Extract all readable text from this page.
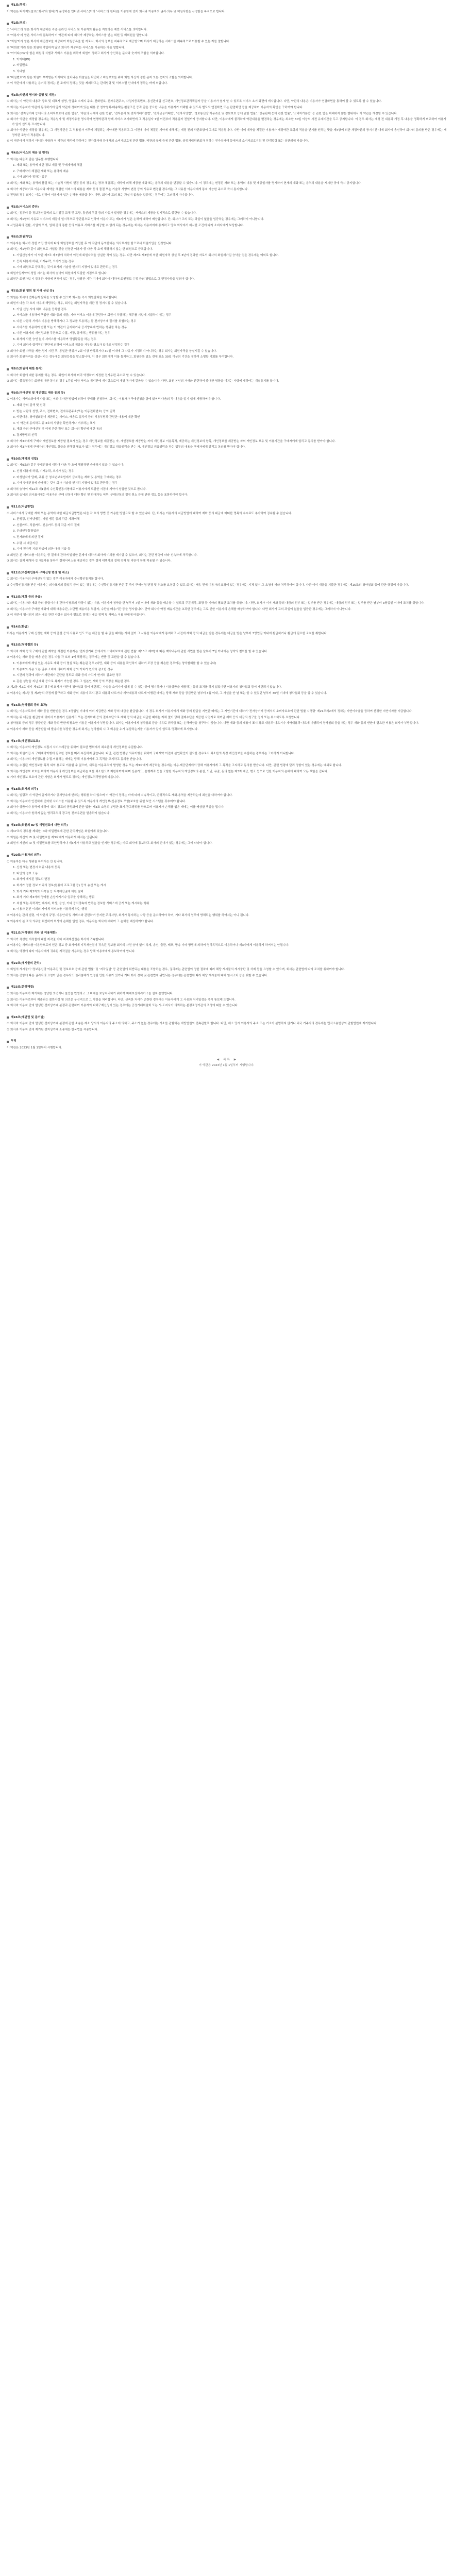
제1조(목적)
이 약관은 다이렉트솔로(‘회사’라 한다)가 운영하는 인터넷 서비스(이하 ‘서비스’라 한다)를 이용함에 있어 회사와 이용자의 권리·의무 및 책임사항을 규정함을 목적으로 합니다.
제2조(정의)
① ‘서비스’라 함은 회사가 제공하는 각종 온라인 서비스 및 이용자의 활동을 지원하는 제반 서비스를 의미합니다.
② ‘이용자’라 함은 서비스에 접속하여 이 약관에 따라 회사가 제공하는 서비스를 받는 회원 및 비회원을 말합니다.
③ ‘회원’이라 함은 회사에 개인정보를 제공하여 회원등록을 한 자로서, 회사의 정보를 지속적으로 제공받으며 회사가 제공하는 서비스를 계속적으로 이용할 수 있는 자를 말합니다.
④ ‘비회원’이라 함은 회원에 가입하지 않고 회사가 제공하는 서비스를 이용하는 자를 말합니다.
⑤ ‘아이디(ID)’라 함은 회원의 식별과 서비스 이용을 위하여 회원이 정하고 회사가 승인하는 문자와 숫자의 조합을 의미합니다.
1. 아이디(ID)
2. 비밀번호
3. 닉네임
⑥ ‘비밀번호’라 함은 회원이 부여받은 아이디와 일치되는 회원임을 확인하고 비밀보호를 위해 회원 자신이 정한 문자 또는 숫자의 조합을 의미합니다.
⑦ 이 약관에서 사용하는 용어의 정의는 본 조에서 정하는 것을 제외하고는 관계법령 및 서비스별 안내에서 정하는 바에 의합니다.
제3조(약관의 명시와 설명 및 개정)
① 회사는 이 약관의 내용과 상호 및 대표자 성명, 영업소 소재지 주소, 전화번호, 전자우편주소, 사업자등록번호, 통신판매업 신고번호, 개인정보관리책임자 등을 이용자가 쉽게 알 수 있도록 서비스 초기 화면에 게시합니다. 다만, 약관의 내용은 이용자가 연결화면을 통하여 볼 수 있도록 할 수 있습니다.
② 회사는 이용자가 약관에 동의하기에 앞서 약관에 정하여져 있는 내용 중 청약철회·배송책임·환불조건 등과 같은 중요한 내용을 이용자가 이해할 수 있도록 별도의 연결화면 또는 팝업화면 등을 제공하여 이용자의 확인을 구하여야 합니다.
③ 회사는 ‘전자상거래 등에서의 소비자보호에 관한 법률’, ‘약관의 규제에 관한 법률’, ‘전자문서 및 전자거래기본법’, ‘전자금융거래법’, ‘전자서명법’, ‘정보통신망 이용촉진 및 정보보호 등에 관한 법률’, ‘방문판매 등에 관한 법률’, ‘소비자기본법’ 등 관련 법을 위배하지 않는 범위에서 이 약관을 개정할 수 있습니다.
④ 회사가 약관을 개정할 경우에는 적용일자 및 개정사유를 명시하여 현행약관과 함께 서비스 초기화면에 그 적용일자 7일 이전부터 적용일자 전일까지 공지합니다. 다만, 이용자에게 불리하게 약관내용을 변경하는 경우에는 최소한 30일 이상의 사전 유예기간을 두고 공지합니다. 이 경우 회사는 개정 전 내용과 개정 후 내용을 명확하게 비교하여 이용자가 알기 쉽도록 표시합니다.
⑤ 회사가 약관을 개정할 경우에는 그 개정약관은 그 적용일자 이후에 체결되는 계약에만 적용되고 그 이전에 이미 체결된 계약에 대해서는 개정 전의 약관조항이 그대로 적용됩니다. 다만 이미 계약을 체결한 이용자가 개정약관 조항의 적용을 받기를 원하는 뜻을 제4항에 의한 개정약관의 공지기간 내에 회사에 송신하여 회사의 동의를 받은 경우에는 개정약관 조항이 적용됩니다.
⑥ 이 약관에서 정하지 아니한 사항과 이 약관의 해석에 관하여는 전자상거래 등에서의 소비자보호에 관한 법률, 약관의 규제 등에 관한 법률, 공정거래위원회가 정하는 전자상거래 등에서의 소비자보호지침 및 관계법령 또는 상관례에 따릅니다.
제4조(서비스의 제공 및 변경)
① 회사는 다음과 같은 업무를 수행합니다.
1. 재화 또는 용역에 대한 정보 제공 및 구매계약의 체결
2. 구매계약이 체결된 재화 또는 용역의 배송
3. 기타 회사가 정하는 업무
② 회사는 재화 또는 용역의 품절 또는 기술적 사양의 변경 등의 경우에는 장차 체결되는 계약에 의해 제공할 재화 또는 용역의 내용을 변경할 수 있습니다. 이 경우에는 변경된 재화 또는 용역의 내용 및 제공일자를 명시하여 현재의 재화 또는 용역의 내용을 게시한 곳에 즉시 공지합니다.
③ 회사가 제공하기로 이용자와 계약을 체결한 서비스의 내용을 재화 등의 품절 또는 기술적 사양의 변경 등의 사유로 변경할 경우에는 그 사유를 이용자에게 통지 가능한 주소로 즉시 통지합니다.
④ 전항의 경우 회사는 이로 인하여 이용자가 입은 손해를 배상합니다. 다만, 회사가 고의 또는 과실이 없음을 입증하는 경우에는 그러하지 아니합니다.
제5조(서비스의 중단)
① 회사는 컴퓨터 등 정보통신설비의 보수점검·교체 및 고장, 통신의 두절 등의 사유가 발생한 경우에는 서비스의 제공을 일시적으로 중단할 수 있습니다.
② 회사는 제1항의 사유로 서비스의 제공이 일시적으로 중단됨으로 인하여 이용자 또는 제3자가 입은 손해에 대하여 배상합니다. 단, 회사가 고의 또는 과실이 없음을 입증하는 경우에는 그러하지 아니합니다.
③ 사업종목의 전환, 사업의 포기, 업체 간의 통합 등의 이유로 서비스를 제공할 수 없게 되는 경우에는 회사는 이용자에게 통지하고 당초 회사에서 제시한 조건에 따라 소비자에게 보상합니다.
제6조(회원가입)
① 이용자는 회사가 정한 가입 양식에 따라 회원정보를 기입한 후 이 약관에 동의한다는 의사표시를 함으로서 회원가입을 신청합니다.
② 회사는 제1항과 같이 회원으로 가입할 것을 신청한 이용자 중 다음 각 호에 해당하지 않는 한 회원으로 등록합니다.
1. 가입신청자가 이 약관 제7조 제3항에 의하여 이전에 회원자격을 상실한 적이 있는 경우. 다만 제7조 제3항에 의한 회원자격 상실 후 3년이 경과한 자로서 회사의 회원재가입 승낙을 얻은 경우에는 예외로 합니다.
2. 등록 내용에 허위, 기재누락, 오기가 있는 경우
3. 기타 회원으로 등록하는 것이 회사의 기술상 현저히 지장이 있다고 판단되는 경우
③ 회원가입계약의 성립 시기는 회사의 승낙이 회원에게 도달한 시점으로 합니다.
④ 회원은 회원가입 시 등록한 사항에 변경이 있는 경우, 상당한 기간 이내에 회사에 대하여 회원정보 수정 등의 방법으로 그 변경사항을 알려야 합니다.
제7조(회원 탈퇴 및 자격 상실 등)
① 회원은 회사에 언제든지 탈퇴를 요청할 수 있으며 회사는 즉시 회원탈퇴를 처리합니다.
② 회원이 다음 각 호의 사유에 해당하는 경우, 회사는 회원자격을 제한 및 정지시킬 수 있습니다.
1. 가입 신청 시에 허위 내용을 등록한 경우
2. 서비스를 이용하여 구입한 재화 등의 대금, 기타 서비스 이용에 관련하여 회원이 부담하는 채무를 기일에 지급하지 않는 경우
3. 다른 사람의 서비스 이용을 방해하거나 그 정보를 도용하는 등 전자상거래 질서를 위협하는 경우
4. 서비스를 이용하여 법령 또는 이 약관이 금지하거나 공서양속에 반하는 행위를 하는 경우
5. 다른 이용자의 개인정보를 무단으로 수집, 저장, 공개하는 행위를 하는 경우
6. 회사의 사전 승인 없이 서비스를 이용하여 영업활동을 하는 경우
7. 기타 회사가 합리적인 판단에 의하여 서비스의 제공을 거부할 필요가 있다고 인정하는 경우
③ 회사가 회원 자격을 제한·정지 시킨 후, 동일한 행위가 2회 이상 반복되거나 30일 이내에 그 사유가 시정되지 아니하는 경우 회사는 회원자격을 상실시킬 수 있습니다.
④ 회사가 회원자격을 상실시키는 경우에는 회원등록을 말소합니다. 이 경우 회원에게 이를 통지하고, 회원등록 말소 전에 최소 30일 이상의 기간을 정하여 소명할 기회를 부여합니다.
제8조(회원에 대한 통지)
① 회사가 회원에 대한 통지를 하는 경우, 회원이 회사와 미리 약정하여 지정한 전자우편 주소로 할 수 있습니다.
② 회사는 불특정다수 회원에 대한 통지의 경우 1주일 이상 서비스 게시판에 게시함으로서 개별 통지에 갈음할 수 있습니다. 다만, 회원 본인의 거래와 관련하여 중대한 영향을 미치는 사항에 대하여는 개별통지를 합니다.
제9조(구매신청 및 개인정보 제공 동의 등)
① 이용자는 서비스상에서 다음 또는 이와 유사한 방법에 의하여 구매를 신청하며, 회사는 이용자가 구매신청을 함에 있어서 다음의 각 내용을 알기 쉽게 제공하여야 합니다.
1. 재화 등의 검색 및 선택
2. 받는 사람의 성명, 주소, 전화번호, 전자우편주소(또는 이동전화번호) 등의 입력
3. 약관내용, 청약철회권이 제한되는 서비스, 배송료·설치비 등의 비용부담과 관련한 내용에 대한 확인
4. 이 약관에 동의하고 위 3호의 사항을 확인하거나 거부하는 표시
5. 재화 등의 구매신청 및 이에 관한 확인 또는 회사의 확인에 대한 동의
6. 결제방법의 선택
② 회사가 제3자에게 구매자 개인정보를 제공할 필요가 있는 경우 개인정보를 제공받는 자, 개인정보를 제공받는 자의 개인정보 이용목적, 제공하는 개인정보의 항목, 개인정보를 제공받는 자의 개인정보 보유 및 이용기간을 구매자에게 알리고 동의를 받아야 합니다.
③ 회사가 제3자에게 구매자의 개인정보 취급을 위탁할 필요가 있는 경우에는 개인정보 취급위탁을 받는 자, 개인정보 취급위탁을 하는 업무의 내용을 구매자에게 알리고 동의를 받아야 합니다.
제10조(계약의 성립)
① 회사는 제9조와 같은 구매신청에 대하여 다음 각 호에 해당하면 승낙하지 않을 수 있습니다.
1. 신청 내용에 허위, 기재누락, 오기가 있는 경우
2. 미성년자가 담배, 주류 등 청소년보호법에서 금지하는 재화 및 용역을 구매하는 경우
3. 기타 구매신청에 승낙하는 것이 회사 기술상 현저히 지장이 있다고 판단하는 경우
② 회사의 승낙이 제12조 제1항의 수신확인통지형태로 이용자에게 도달한 시점에 계약이 성립한 것으로 봅니다.
③ 회사의 승낙의 의사표시에는 이용자의 구매 신청에 대한 확인 및 판매가능 여부, 구매신청의 정정 취소 등에 관한 정보 등을 포함하여야 합니다.
제11조(지급방법)
① 서비스에서 구매한 재화 또는 용역에 대한 대금지급방법은 다음 각 호의 방법 중 가용한 방법으로 할 수 있습니다. 단, 회사는 이용자의 지급방법에 대하여 재화 등의 대금에 어떠한 명목의 수수료도 추가하여 징수할 수 없습니다.
1. 폰뱅킹, 인터넷뱅킹, 메일 뱅킹 등의 각종 계좌이체
2. 선불카드, 직불카드, 신용카드 등의 각종 카드 결제
3. 온라인무통장입금
4. 전자화폐에 의한 결제
5. 수령 시 대금지급
6. 기타 전자적 지급 방법에 의한 대금 지급 등
② 회원은 본 서비스를 이용하는 중 결제에 관하여 발생한 문제에 대하여 회사에 이의를 제기할 수 있으며, 회사는 관련 법령에 따라 신속하게 처리합니다.
③ 회사는 결제 대행사 등 제3자를 통하여 결제서비스를 제공하는 경우 결제 대행사의 결제 정책 및 약관이 함께 적용될 수 있습니다.
제12조(수신확인통지·구매신청 변경 및 취소)
① 회사는 이용자의 구매신청이 있는 경우 이용자에게 수신확인통지를 합니다.
② 수신확인통지를 받은 이용자는 의사표시의 불일치 등이 있는 경우에는 수신확인통지를 받은 후 즉시 구매신청 변경 및 취소를 요청할 수 있고 회사는 배송 전에 이용자의 요청이 있는 경우에는 지체 없이 그 요청에 따라 처리하여야 합니다. 다만 이미 대금을 지불한 경우에는 제15조의 청약철회 등에 관한 규정에 따릅니다.
제13조(재화 등의 공급)
① 회사는 이용자와 재화 등의 공급시기에 관하여 별도의 약정이 없는 이상, 이용자가 청약을 한 날부터 7일 이내에 재화 등을 배송할 수 있도록 주문제작, 포장 등 기타의 필요한 조치를 취합니다. 다만, 회사가 이미 재화 등의 대금의 전부 또는 일부를 받은 경우에는 대금의 전부 또는 일부를 받은 날부터 3영업일 이내에 조치를 취합니다.
② 회사는 이용자가 구매한 재화에 대해 배송수단, 수단별 배송비용 부담자, 수단별 배송기간 등을 명시합니다. 만약 회사가 약정 배송기간을 초과한 경우에는 그로 인한 이용자의 손해를 배상하여야 합니다. 다만 회사가 고의·과실이 없음을 입증한 경우에는 그러하지 아니합니다.
③ 이 약관에 명시되지 않은 배송 관련 사항은 회사가 별도로 정하는 배송 정책 및 서비스 이용 안내에 따릅니다.
제14조(환급)
회사는 이용자가 구매 신청한 재화 등이 품절 등의 사유로 인도 또는 제공을 할 수 없을 때에는 지체 없이 그 사유를 이용자에게 통지하고 사전에 재화 등의 대금을 받은 경우에는 대금을 받은 날부터 3영업일 이내에 환급하거나 환급에 필요한 조치를 취합니다.
제15조(청약철회 등)
① 회사와 재화 등의 구매에 관한 계약을 체결한 이용자는 ‘전자상거래 등에서의 소비자보호에 관한 법률’ 제13조 제2항에 따른 계약내용에 관한 서면을 받은 날부터 7일 이내에는 청약의 철회를 할 수 있습니다.
② 이용자는 재화 등을 배송 받은 경우 다음 각 호의 1에 해당하는 경우에는 반품 및 교환을 할 수 없습니다.
1. 이용자에게 책임 있는 사유로 재화 등이 멸실 또는 훼손된 경우 (다만, 재화 등의 내용을 확인하기 위하여 포장 등을 훼손한 경우에는 청약철회를 할 수 있습니다)
2. 이용자의 사용 또는 일부 소비에 의하여 재화 등의 가치가 현저히 감소한 경우
3. 시간의 경과에 의하여 재판매가 곤란할 정도로 재화 등의 가치가 현저히 감소한 경우
4. 같은 성능을 지닌 재화 등으로 복제가 가능한 경우 그 원본인 재화 등의 포장을 훼손한 경우
③ 제2항 제2호 내지 제4호의 경우에 회사가 사전에 청약철회 등이 제한되는 사실을 소비자가 쉽게 알 수 있는 곳에 명기하거나 시용상품을 제공하는 등의 조치를 하지 않았다면 이용자의 청약철회 등이 제한되지 않습니다.
④ 이용자는 제1항 및 제2항의 규정에 불구하고 재화 등의 내용이 표시·광고 내용과 다르거나 계약내용과 다르게 이행된 때에는 당해 재화 등을 공급받은 날부터 3월 이내, 그 사실을 안 날 또는 알 수 있었던 날부터 30일 이내에 청약철회 등을 할 수 있습니다.
제16조(청약철회 등의 효과)
① 회사는 이용자로부터 재화 등을 반환받은 경우 3영업일 이내에 이미 지급받은 재화 등의 대금을 환급합니다. 이 경우 회사가 이용자에게 재화 등의 환급을 지연한 때에는 그 지연기간에 대하여 ‘전자상거래 등에서의 소비자보호에 관한 법률 시행령’ 제21조의2에서 정하는 지연이자율을 곱하여 산정한 지연이자를 지급합니다.
② 회사는 위 대금을 환급함에 있어서 이용자가 신용카드 또는 전자화폐 등의 결제수단으로 재화 등의 대금을 지급한 때에는 지체 없이 당해 결제수단을 제공한 사업자로 하여금 재화 등의 대금의 청구를 정지 또는 취소하도록 요청합니다.
③ 청약철회 등의 경우 공급받은 재화 등의 반환에 필요한 비용은 이용자가 부담합니다. 회사는 이용자에게 청약철회 등을 이유로 위약금 또는 손해배상을 청구하지 않습니다. 다만 재화 등의 내용이 표시·광고 내용과 다르거나 계약내용과 다르게 이행되어 청약철회 등을 하는 경우 재화 등의 반환에 필요한 비용은 회사가 부담합니다.
④ 이용자가 재화 등을 제공받을 때 발송비를 부담한 경우에 회사는 청약철회 시 그 비용을 누가 부담하는지를 이용자가 알기 쉽도록 명확하게 표시합니다.
제17조(개인정보보호)
① 회사는 이용자의 개인정보 수집시 서비스제공을 위하여 필요한 범위에서 최소한의 개인정보를 수집합니다.
② 회사는 회원가입 시 구매계약이행에 필요한 정보를 미리 수집하지 않습니다. 다만, 관련 법령상 의무이행을 위하여 구매계약 이전에 본인확인이 필요한 경우로서 최소한의 특정 개인정보를 수집하는 경우에는 그러하지 아니합니다.
③ 회사는 이용자의 개인정보를 수집·이용하는 때에는 당해 이용자에게 그 목적을 고지하고 동의를 받습니다.
④ 회사는 수집된 개인정보를 목적 외의 용도로 이용할 수 없으며, 새로운 이용목적이 발생한 경우 또는 제3자에게 제공하는 경우에는 이용·제공단계에서 당해 이용자에게 그 목적을 고지하고 동의를 받습니다. 다만, 관련 법령에 달리 정함이 있는 경우에는 예외로 합니다.
⑤ 회사는 개인정보 보호를 위하여 이용자의 개인정보를 취급하는 자를 최소한으로 제한하여야 하며 신용카드, 은행계좌 등을 포함한 이용자의 개인정보의 분실, 도난, 유출, 동의 없는 제3자 제공, 변조 등으로 인한 이용자의 손해에 대하여 모든 책임을 집니다.
⑥ 기타 개인정보 보호에 관한 사항은 회사가 별도로 정하는 개인정보처리방침에 따릅니다.
제18조(회사의 의무)
① 회사는 법령과 이 약관이 금지하거나 공서양속에 반하는 행위를 하지 않으며 이 약관이 정하는 바에 따라 지속적이고, 안정적으로 재화·용역을 제공하는데 최선을 다하여야 합니다.
② 회사는 이용자가 안전하게 인터넷 서비스를 이용할 수 있도록 이용자의 개인정보(신용정보 포함)보호를 위한 보안 시스템을 갖추어야 합니다.
③ 회사가 상품이나 용역에 대하여 ‘표시·광고의 공정화에 관한 법률’ 제3조 소정의 부당한 표시·광고행위를 함으로써 이용자가 손해를 입은 때에는 이를 배상할 책임을 집니다.
④ 회사는 이용자가 원하지 않는 영리목적의 광고성 전자우편을 발송하지 않습니다.
제19조(회원의 ID 및 비밀번호에 대한 의무)
① 제17조의 경우를 제외한 ID와 비밀번호에 관한 관리책임은 회원에게 있습니다.
② 회원은 자신의 ID 및 비밀번호를 제3자에게 이용하게 해서는 안됩니다.
③ 회원이 자신의 ID 및 비밀번호를 도난당하거나 제3자가 사용하고 있음을 인지한 경우에는 바로 회사에 통보하고 회사의 안내가 있는 경우에는 그에 따라야 합니다.
제20조(이용자의 의무)
① 이용자는 다음 행위를 하여서는 안 됩니다.
1. 신청 또는 변경시 허위 내용의 등록
2. 타인의 정보 도용
3. 회사에 게시된 정보의 변경
4. 회사가 정한 정보 이외의 정보(컴퓨터 프로그램 등) 등의 송신 또는 게시
5. 회사 기타 제3자의 저작권 등 지적재산권에 대한 침해
6. 회사 기타 제3자의 명예를 손상시키거나 업무를 방해하는 행위
7. 외설 또는 폭력적인 메시지, 화상, 음성, 기타 공서양속에 반하는 정보를 서비스에 공개 또는 게시하는 행위
8. 이용자 본인 이외의 자에게 서비스를 이용하게 하는 행위
② 이용자는 관계 법령, 이 약관의 규정, 이용안내 및 서비스와 관련하여 공지한 주의사항, 회사가 통지하는 사항 등을 준수하여야 하며, 기타 회사의 업무에 방해되는 행위를 하여서는 아니 됩니다.
③ 이용자가 본 조의 의무를 위반하여 회사에 손해를 입힌 경우, 이용자는 회사에 대하여 그 손해를 배상하여야 합니다.
제21조(저작권의 귀속 및 이용제한)
① 회사가 작성한 저작물에 대한 저작권 기타 지적재산권은 회사에 귀속합니다.
② 이용자는 서비스를 이용함으로써 얻은 정보 중 회사에게 지적재산권이 귀속된 정보를 회사의 사전 승낙 없이 복제, 송신, 출판, 배포, 방송 기타 방법에 의하여 영리목적으로 이용하거나 제3자에게 이용하게 하여서는 안됩니다.
③ 회사는 약정에 따라 이용자에게 귀속된 저작권을 사용하는 경우 당해 이용자에게 통보하여야 합니다.
제22조(게시물의 관리)
① 회원의 게시물이 ‘정보통신망 이용촉진 및 정보보호 등에 관한 법률’ 및 ‘저작권법’ 등 관련법에 위반되는 내용을 포함하는 경우, 권리자는 관련법이 정한 절차에 따라 해당 게시물의 게시중단 및 삭제 등을 요청할 수 있으며, 회사는 관련법에 따라 조치를 취하여야 합니다.
② 회사는 전항에 따른 권리자의 요청이 없는 경우라도 권리침해가 인정될 만한 사유가 있거나 기타 회사 정책 및 관련법에 위반되는 경우에는 관련법에 따라 해당 게시물에 대해 임시조치 등을 취할 수 있습니다.
제23조(분쟁해결)
① 회사는 이용자가 제기하는 정당한 의견이나 불만을 반영하고 그 피해를 보상처리하기 위하여 피해보상처리기구를 설치·운영합니다.
② 회사는 이용자로부터 제출되는 불만사항 및 의견은 우선적으로 그 사항을 처리합니다. 다만, 신속한 처리가 곤란한 경우에는 이용자에게 그 사유와 처리일정을 즉시 통보해 드립니다.
③ 회사와 이용자 간에 발생한 전자상거래 분쟁과 관련하여 이용자의 피해구제신청이 있는 경우에는 공정거래위원회 또는 시·도지사가 의뢰하는 분쟁조정기관의 조정에 따를 수 있습니다.
제24조(재판권 및 준거법)
① 회사와 이용자 간에 발생한 전자상거래 분쟁에 관한 소송은 제소 당시의 이용자의 주소에 의하고, 주소가 없는 경우에는 거소를 관할하는 지방법원의 전속관할로 합니다. 다만, 제소 당시 이용자의 주소 또는 거소가 분명하지 않거나 외국 거주자의 경우에는 민사소송법상의 관할법원에 제기합니다.
② 회사와 이용자 간에 제기된 전자상거래 소송에는 한국법을 적용합니다.
부칙
이 약관은 2023년 1월 1일부터 시행합니다.
◀ 목 록 ▶
이 약관은 2023년 1월 1일부터 시행합니다.
